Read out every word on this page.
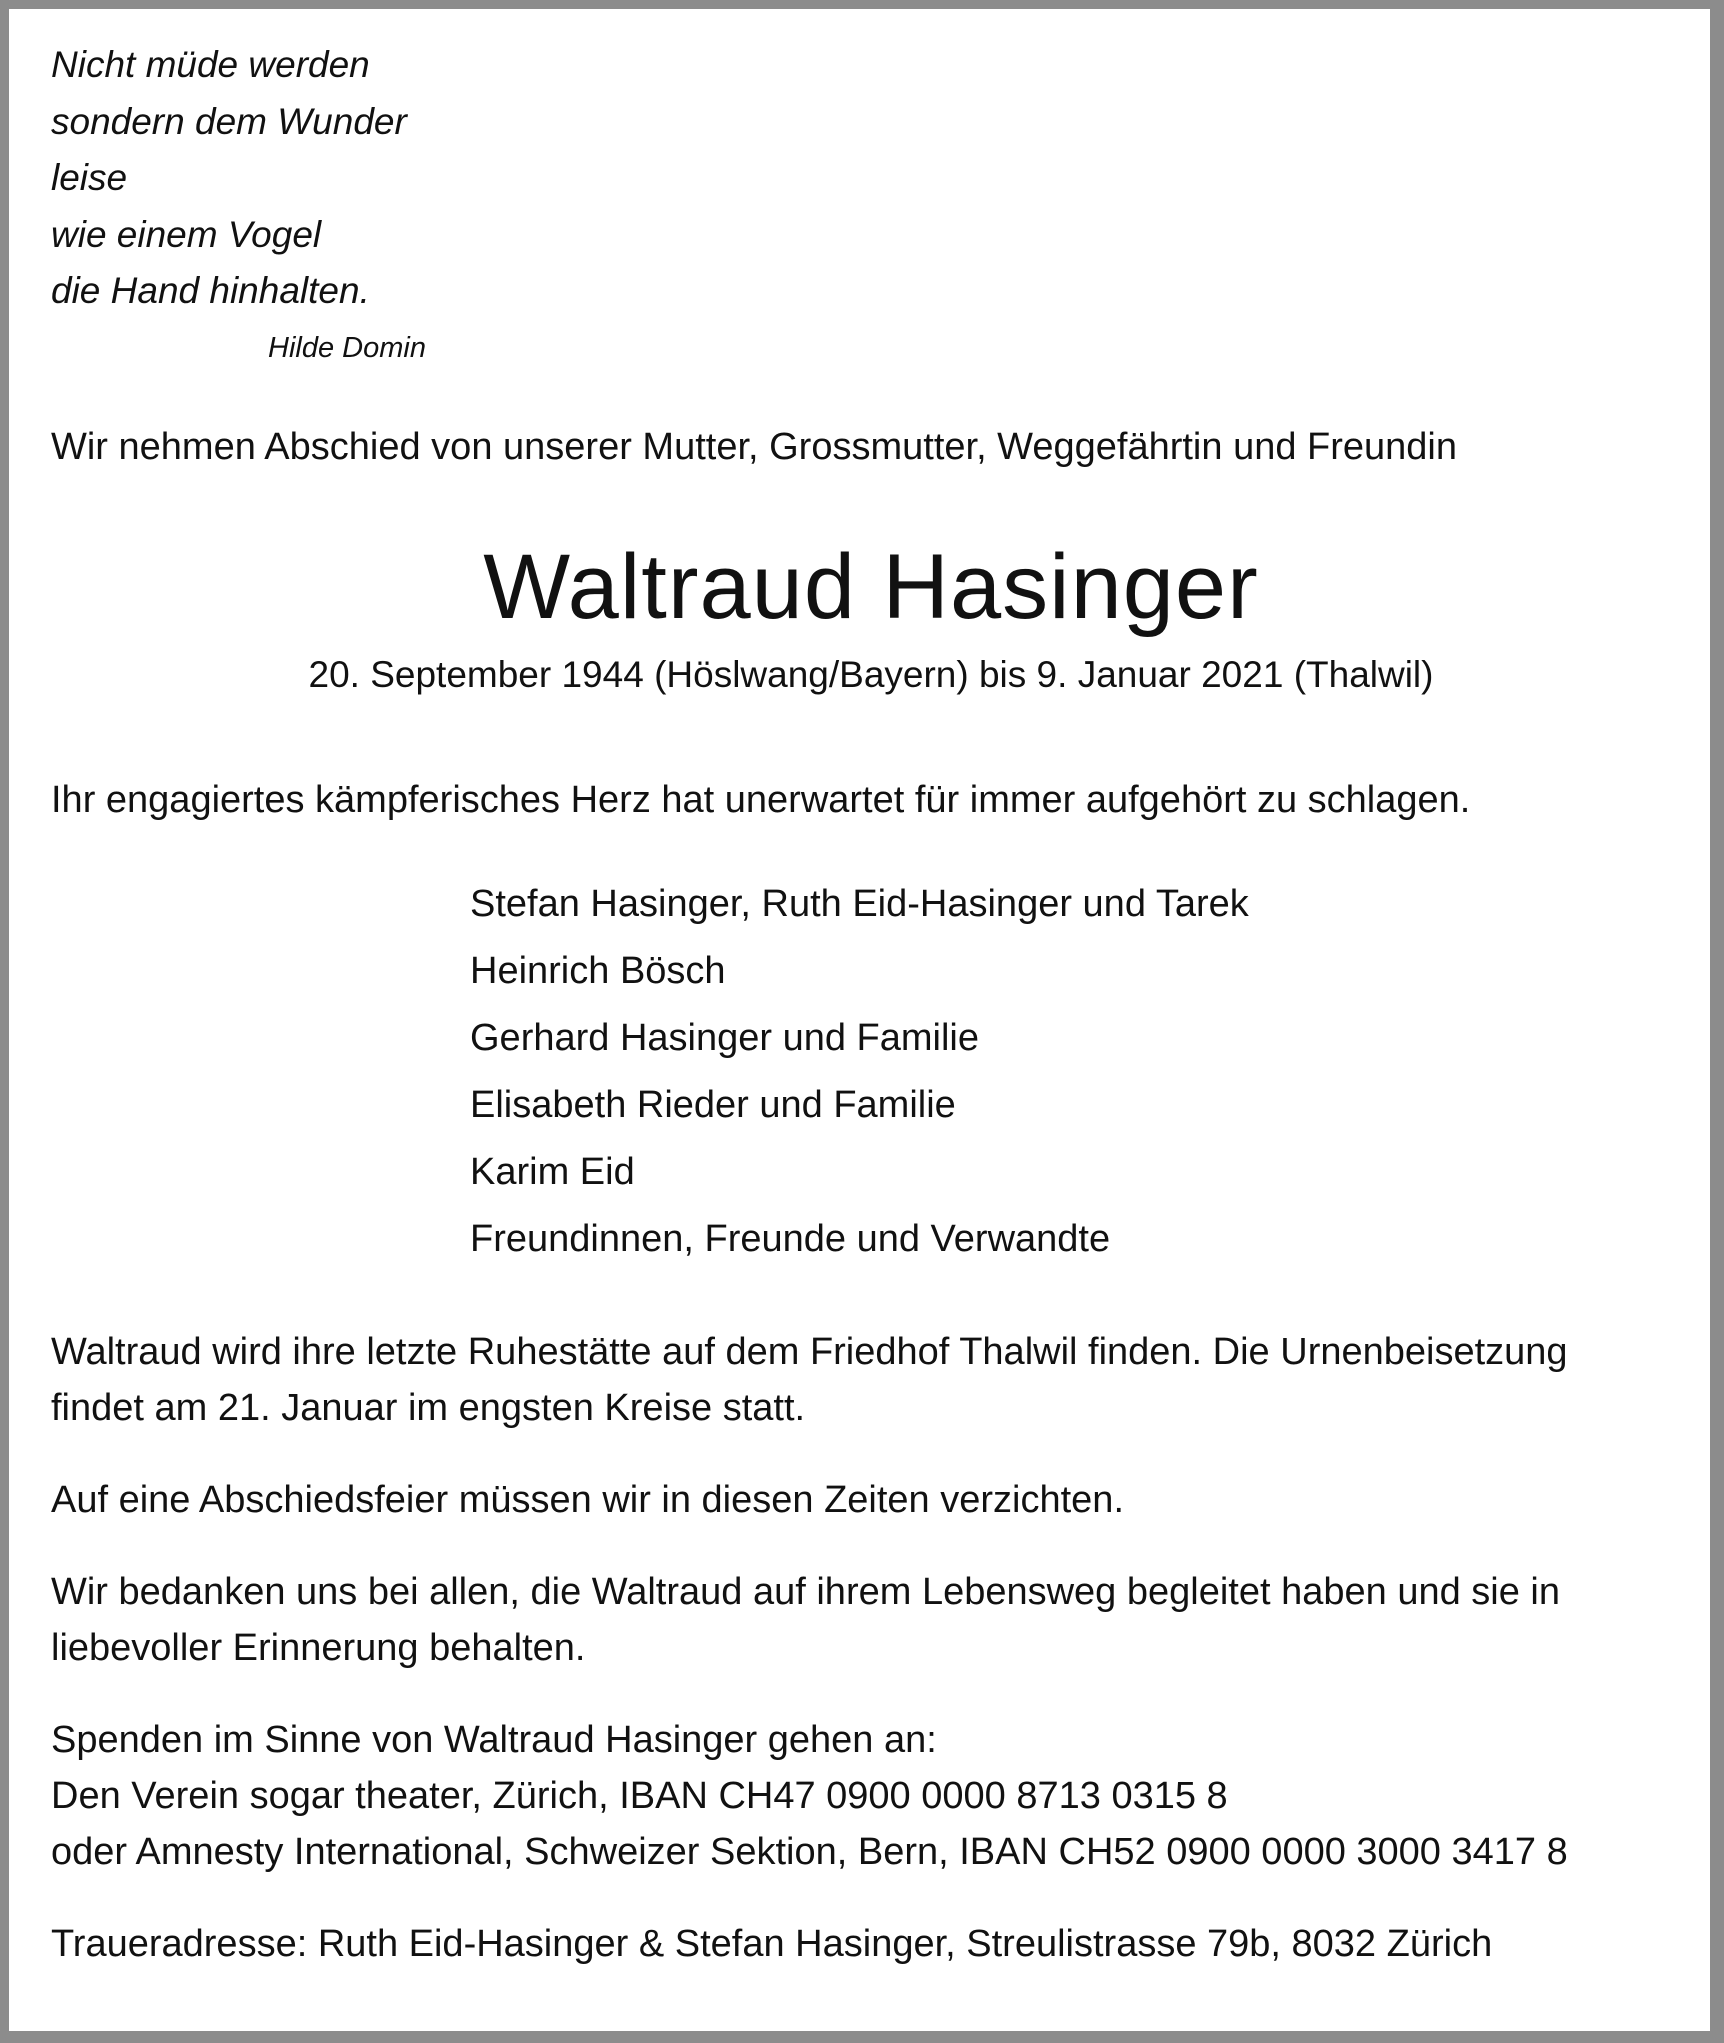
Nicht müde werden
sondern dem Wunder
leise
wie einem Vogel
die Hand hinhalten.
Hilde Domin
Wir nehmen Abschied von unserer Mutter, Grossmutter, Weggefährtin und Freundin
Waltraud Hasinger
20. September 1944 (Höslwang/Bayern) bis 9. Januar 2021 (Thalwil)
Ihr engagiertes kämpferisches Herz hat unerwartet für immer aufgehört zu schlagen.
Stefan Hasinger, Ruth Eid-Hasinger und Tarek
Heinrich Bösch
Gerhard Hasinger und Familie
Elisabeth Rieder und Familie
Karim Eid
Freundinnen, Freunde und Verwandte
Waltraud wird ihre letzte Ruhestätte auf dem Friedhof Thalwil finden. Die Urnenbeisetzung
findet am 21. Januar im engsten Kreise statt.
Auf eine Abschiedsfeier müssen wir in diesen Zeiten verzichten.
Wir bedanken uns bei allen, die Waltraud auf ihrem Lebensweg begleitet haben und sie in
liebevoller Erinnerung behalten.
Spenden im Sinne von Waltraud Hasinger gehen an:
Den Verein sogar theater, Zürich, IBAN CH47 0900 0000 8713 0315 8
oder Amnesty International, Schweizer Sektion, Bern, IBAN CH52 0900 0000 3000 3417 8
Traueradresse: Ruth Eid-Hasinger & Stefan Hasinger, Streulistrasse 79b, 8032 Zürich
